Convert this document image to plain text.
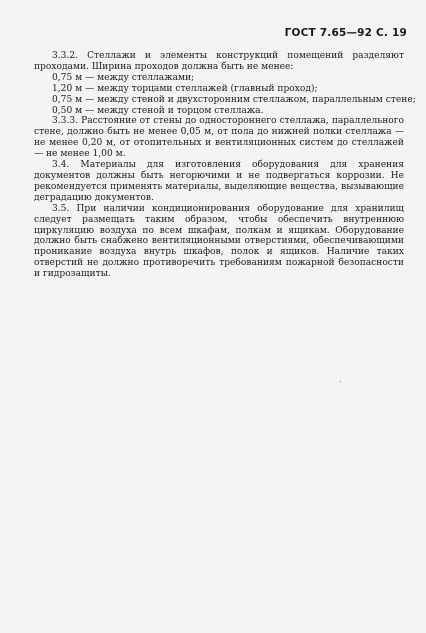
ГОСТ 7.65—92 С. 19

3.3.2. Стеллажи и элементы конструкций помещений разделяют проходами. Ширина проходов должна быть не менее:

0,75 м — между стеллажами;

1,20 м — между торцами стеллажей (главный проход);

0,75 м — между стеной и двухсторонним стеллажом, параллельным стене;

0,50 м — между стеной и торцом стеллажа.

3.3.3. Расстояние от стены до одностороннего стеллажа, параллельного стене, должно быть не менее 0,05 м, от пола до нижней полки стеллажа — не менее 0,20 м, от отопительных и вентиляционных систем до стеллажей — не менее 1,00 м.

3.4. Материалы для изготовления оборудования для хранения документов должны быть негорючими и не подвергаться коррозии. Не рекомендуется применять материалы, выделяющие вещества, вызывающие деградацию документов.

3.5. При наличии кондиционирования оборудование для хранилищ следует размещать таким образом, чтобы обеспечить внутреннюю циркуляцию воздуха по всем шкафам, полкам и ящикам. Оборудование должно быть снабжено вентиляционными отверстиями, обеспечивающими проникание воздуха внутрь шкафов, полок и ящиков. Наличие таких отверстий не должно противоречить требованиям пожарной безопасности и гидрозащиты.
